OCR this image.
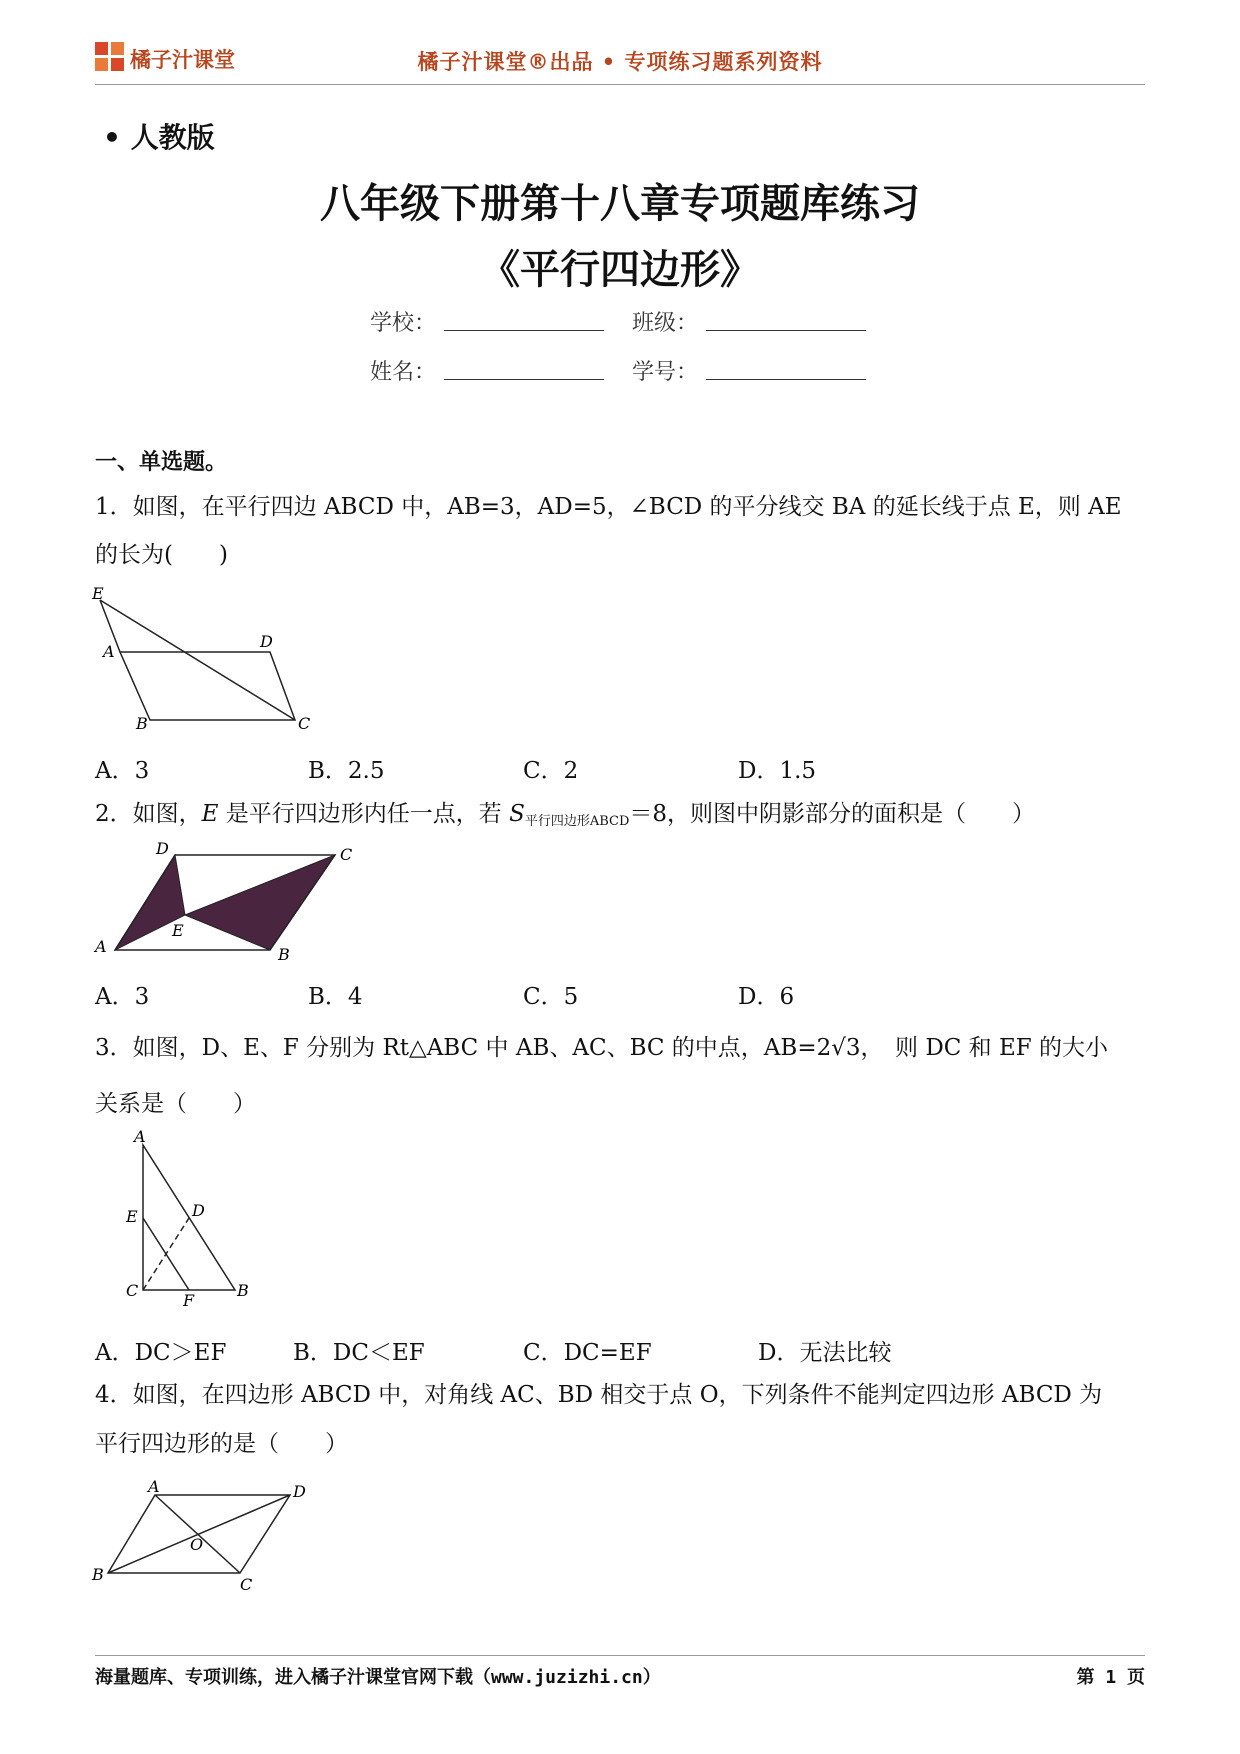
橘子汁课堂	橘子汁课堂®出品 • 专项练习题系列资料
• 人教版
八年级下册第十八章专项题库练习
《平行四边形》
学校：	班级：
姓名：	学号：
一、单选题。
1．如图，在平行四边 ABCD 中，AB=3，AD=5，∠BCD 的平分线交 BA 的延长线于点 E，则 AE
的长为(　　)
E
A
D
B	C
A．3	B．2.5	C．2	D．1.5
2．如图，E 是平行四边形内任一点，若 $S_{平行四边形ABCD}=8$，则图中阴影部分的面积是（　　）
D	C
E
A	B
A．3	B．4	C．5	D．6
3．如图，D、E、F 分别为 Rt△ABC 中 AB、AC、BC 的中点，AB=2√3，　则 DC 和 EF 的大小
关系是（　　）
A
E	D
C
F
B
A．DC＞EF	B．DC＜EF	C．DC=EF	D．无法比较
4．如图，在四边形 ABCD 中，对角线 AC、BD 相交于点 O，下列条件不能判定四边形 ABCD 为
平行四边形的是（　　）
A	D
O
B
C
海量题库、专项训练，进入橘子汁课堂官网下载（www.juzizhi.cn）	第 1 页
